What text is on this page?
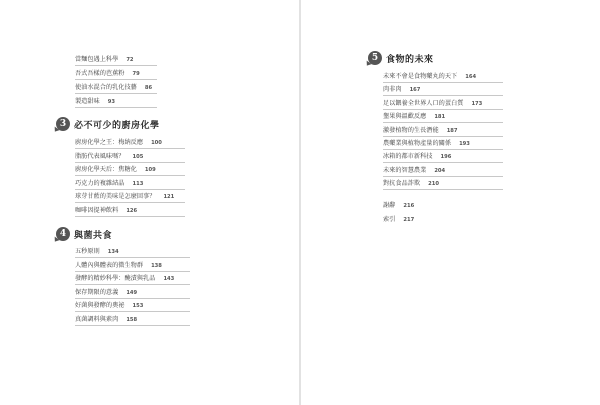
當麵包遇上科學 72
吾式吾樣的芭蕉粉 79
使油水混合的乳化技藝 86
製造甜味 93
3 必不可少的廚房化學
廚房化學之王：梅納反應 100
脂肪代表風味嗎？ 105
廚房化學天后：焦糖化 109
巧克力的複雜結晶 113
球芽甘藍的美味是怎麼回事？ 121
咖啡因提神飲料 126
4 與菌共食
五秒原則 134
人體內與體表的微生物群 138
發酵的精妙科學：醃漬與乳品 143
保存期限的意義 149
好菌與發酵的奧祕 153
真菌調料與素肉 158
5 食物的未來
未來不會是食物藥丸的天下 164
肉非肉 167
足以餵養全世界人口的蛋白質 173
墾果與溫歡反應 181
激發植物的生長潛能 187
農藥業與植物產量的關係 193
冰箱的都市新科技 196
未來的智慧農業 204
對抗食品詐欺 210
謝辭 216
索引 217
